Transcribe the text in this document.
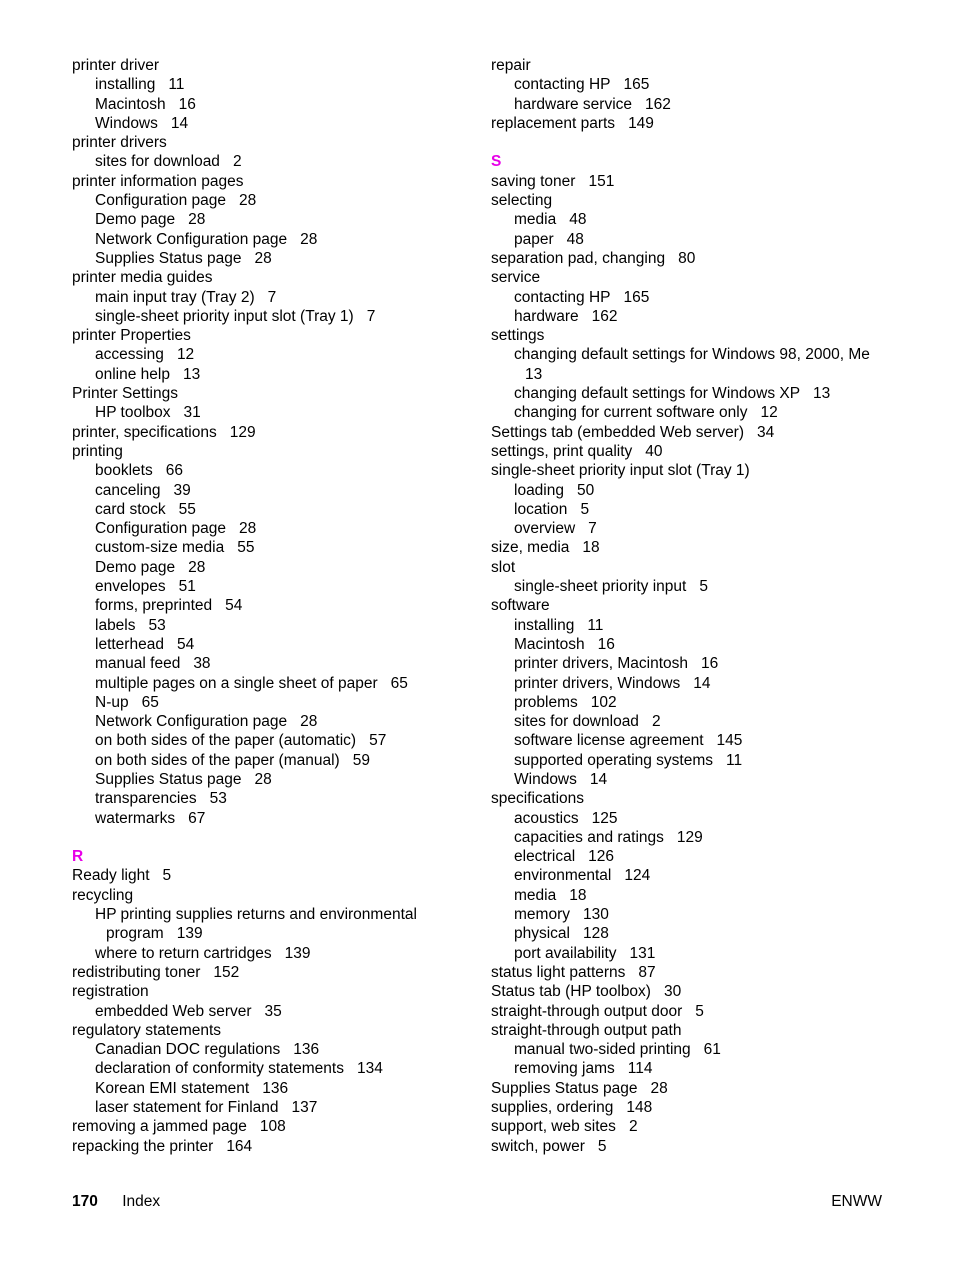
printer driver
installing 11
Macintosh 16
Windows 14
printer drivers
sites for download 2
printer information pages
Configuration page 28
Demo page 28
Network Configuration page 28
Supplies Status page 28
printer media guides
main input tray (Tray 2) 7
single-sheet priority input slot (Tray 1) 7
printer Properties
accessing 12
online help 13
Printer Settings
HP toolbox 31
printer, specifications 129
printing
booklets 66
canceling 39
card stock 55
Configuration page 28
custom-size media 55
Demo page 28
envelopes 51
forms, preprinted 54
labels 53
letterhead 54
manual feed 38
multiple pages on a single sheet of paper 65
N-up 65
Network Configuration page 28
on both sides of the paper (automatic) 57
on both sides of the paper (manual) 59
Supplies Status page 28
transparencies 53
watermarks 67
R
Ready light 5
recycling
HP printing supplies returns and environmental
program 139
where to return cartridges 139
redistributing toner 152
registration
embedded Web server 35
regulatory statements
Canadian DOC regulations 136
declaration of conformity statements 134
Korean EMI statement 136
laser statement for Finland 137
removing a jammed page 108
repacking the printer 164
repair
contacting HP 165
hardware service 162
replacement parts 149
S
saving toner 151
selecting
media 48
paper 48
separation pad, changing 80
service
contacting HP 165
hardware 162
settings
changing default settings for Windows 98, 2000, Me
13
changing default settings for Windows XP 13
changing for current software only 12
Settings tab (embedded Web server) 34
settings, print quality 40
single-sheet priority input slot (Tray 1)
loading 50
location 5
overview 7
size, media 18
slot
single-sheet priority input 5
software
installing 11
Macintosh 16
printer drivers, Macintosh 16
printer drivers, Windows 14
problems 102
sites for download 2
software license agreement 145
supported operating systems 11
Windows 14
specifications
acoustics 125
capacities and ratings 129
electrical 126
environmental 124
media 18
memory 130
physical 128
port availability 131
status light patterns 87
Status tab (HP toolbox) 30
straight-through output door 5
straight-through output path
manual two-sided printing 61
removing jams 114
Supplies Status page 28
supplies, ordering 148
support, web sites 2
switch, power 5
170 Index	ENWW
